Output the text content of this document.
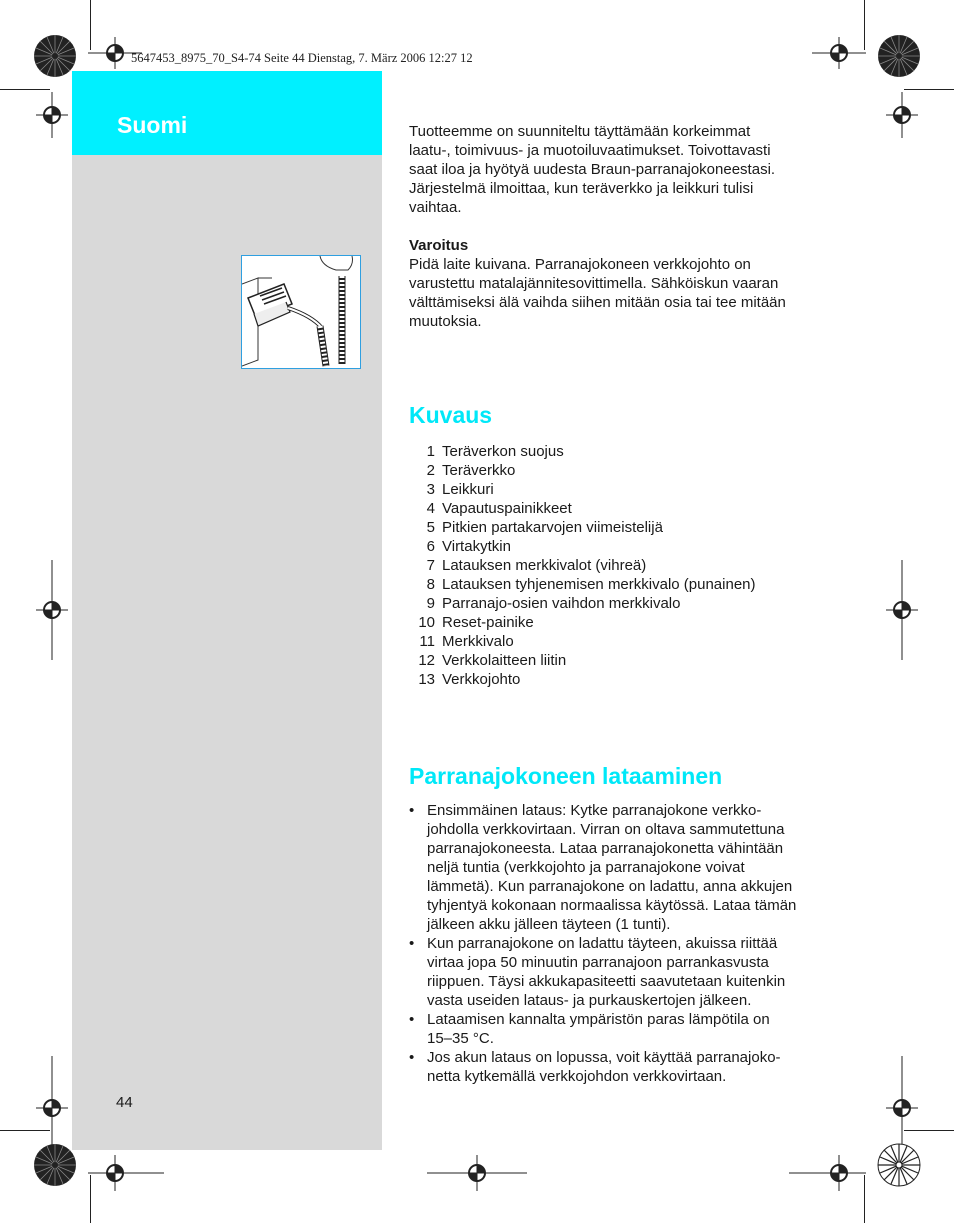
5647453_8975_70_S4-74 Seite 44 Dienstag, 7. März 2006 12:27 12
Suomi	Tuotteemme on suunniteltu täyttämään korkeimmat

laatu-, toimivuus- ja muotoiluvaatimukset. Toivottavasti

saat iloa ja hyötyä uudesta Braun-parranajokoneestasi.

Järjestelmä ilmoittaa, kun teräverkko ja leikkuri tulisi

vaihtaa.

Varoitus

Pidä laite kuivana. Parranajokoneen verkkojohto on

varustettu matalajännitesovittimella. Sähköiskun vaaran

välttämiseksi älä vaihda siihen mitään osia tai tee mitään

muutoksia.

Kuvaus
1 Teräverkon suojus
2 Teräverkko
3 Leikkuri
4 Vapautuspainikkeet
5 Pitkien partakarvojen viimeistelijä
6 Virtakytkin
7 Latauksen merkkivalot (vihreä)
8 Latauksen tyhjenemisen merkkivalo (punainen)
9 Parranajo-osien vaihdon merkkivalo
10 Reset-painike
11 Merkkivalo
12 Verkkolaitteen liitin
13 Verkkojohto
Parranajokoneen lataaminen
• Ensimmäinen lataus: Kytke parranajokone verkko-
johdolla verkkovirtaan. Virran on oltava sammutettuna
parranajokoneesta. Lataa parranajokonetta vähintään
neljä tuntia (verkkojohto ja parranajokone voivat
lämmetä). Kun parranajokone on ladattu, anna akkujen
tyhjentyä kokonaan normaalissa käytössä. Lataa tämän
jälkeen akku jälleen täyteen (1 tunti).
• Kun parranajokone on ladattu täyteen, akuissa riittää
virtaa jopa 50 minuutin parranajoon parrankasvusta
riippuen. Täysi akkukapasiteetti saavutetaan kuitenkin
vasta useiden lataus- ja purkauskertojen jälkeen.
• Lataamisen kannalta ympäristön paras lämpötila on
15–35 °C.
• Jos akun lataus on lopussa, voit käyttää parranajoko-
netta kytkemällä verkkojohdon verkkovirtaan.
44
